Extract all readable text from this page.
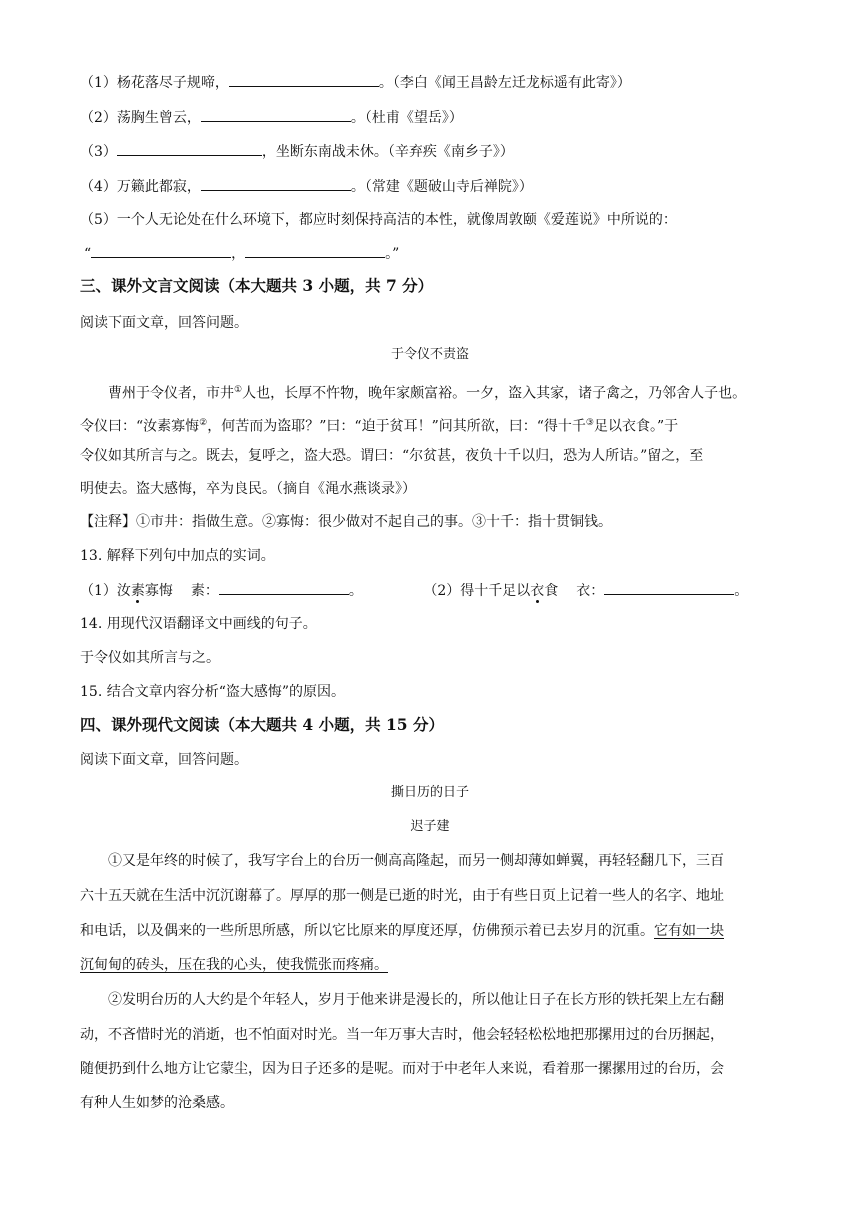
（1）杨花落尽子规啼，	。（李白《闻王昌龄左迁龙标遥有此寄》）
（2）荡胸生曾云，	。（杜甫《望岳》）
（3）	，坐断东南战未休。（辛弃疾《南乡子》）
（4）万籁此都寂，	。（常建《题破山寺后禅院》）
（5）一个人无论处在什么环境下，都应时刻保持高洁的本性，就像周敦颐《爱莲说》中所说的：
“	，	。”
三、课外文言文阅读（本大题共 3 小题，共 7 分）
阅读下面文章，回答问题。
于令仪不责盗
曹州于令仪者，市井①人也，长厚不忤物，晚年家颇富裕。一夕，盗入其家，诸子禽之，乃邻舍人子也。
令仪曰：“汝素寡悔②，何苦而为盗耶？”曰：“迫于贫耳！”问其所欲，曰：“得十千③足以衣食。”于
令仪如其所言与之。既去，复呼之，盗大恐。谓曰：“尔贫甚，夜负十千以归，恐为人所诘。”留之，至
明使去。盗大感悔，卒为良民。（摘自《渑水燕谈录》）
【注释】①市井：指做生意。②寡悔：很少做对不起自己的事。③十千：指十贯铜钱。
13. 解释下列句中加点的实词。
（1）汝素寡悔 素：	。	（2）得十千足以衣食 衣：	。
14. 用现代汉语翻译文中画线的句子。
于令仪如其所言与之。
15. 结合文章内容分析“盗大感悔”的原因。
四、课外现代文阅读（本大题共 4 小题，共 15 分）
阅读下面文章，回答问题。
撕日历的日子
迟子建
①又是年终的时候了，我写字台上的台历一侧高高隆起，而另一侧却薄如蝉翼，再轻轻翻几下，三百
六十五天就在生活中沉沉谢幕了。厚厚的那一侧是已逝的时光，由于有些日页上记着一些人的名字、地址
和电话，以及偶来的一些所思所感，所以它比原来的厚度还厚，仿佛预示着已去岁月的沉重。它有如一块
沉甸甸的砖头，压在我的心头，使我慌张而疼痛。
②发明台历的人大约是个年轻人，岁月于他来讲是漫长的，所以他让日子在长方形的铁托架上左右翻
动，不吝惜时光的消逝，也不怕面对时光。当一年万事大吉时，他会轻轻松松地把那摞用过的台历捆起，
随便扔到什么地方让它蒙尘，因为日子还多的是呢。而对于中老年人来说，看着那一摞摞用过的台历，会
有种人生如梦的沧桑感。
